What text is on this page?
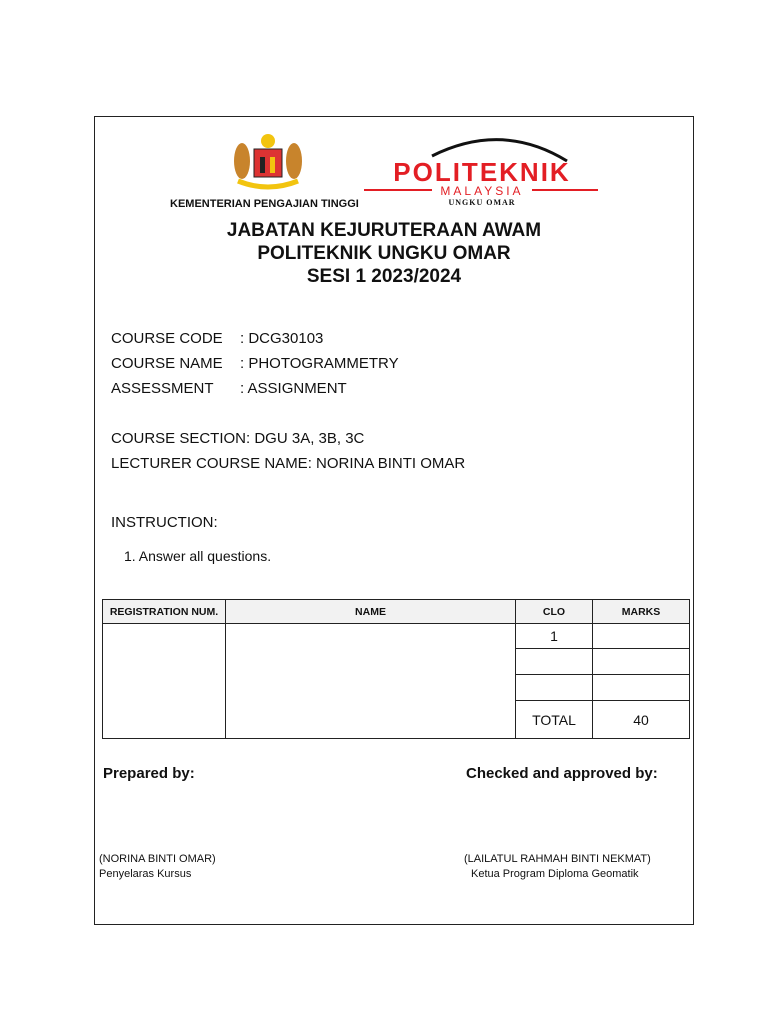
KEMENTERIAN PENGAJIAN TINGGI
POLITEKNIK
MALAYSIA
UNGKU OMAR
JABATAN KEJURUTERAAN AWAM
POLITEKNIK UNGKU OMAR
SESI 1 2023/2024
COURSE CODE : DCG30103
COURSE NAME : PHOTOGRAMMETRY
ASSESSMENT : ASSIGNMENT
COURSE SECTION: DGU 3A, 3B, 3C
LECTURER COURSE NAME: NORINA BINTI OMAR
INSTRUCTION:
1. Answer all questions.
REGISTRATION NUM.	NAME	CLO	MARKS
		1	

		TOTAL	40
Prepared by:	Checked and approved by:
(NORINA BINTI OMAR)
Penyelaras Kursus
(LAILATUL RAHMAH BINTI NEKMAT)
Ketua Program Diploma Geomatik
